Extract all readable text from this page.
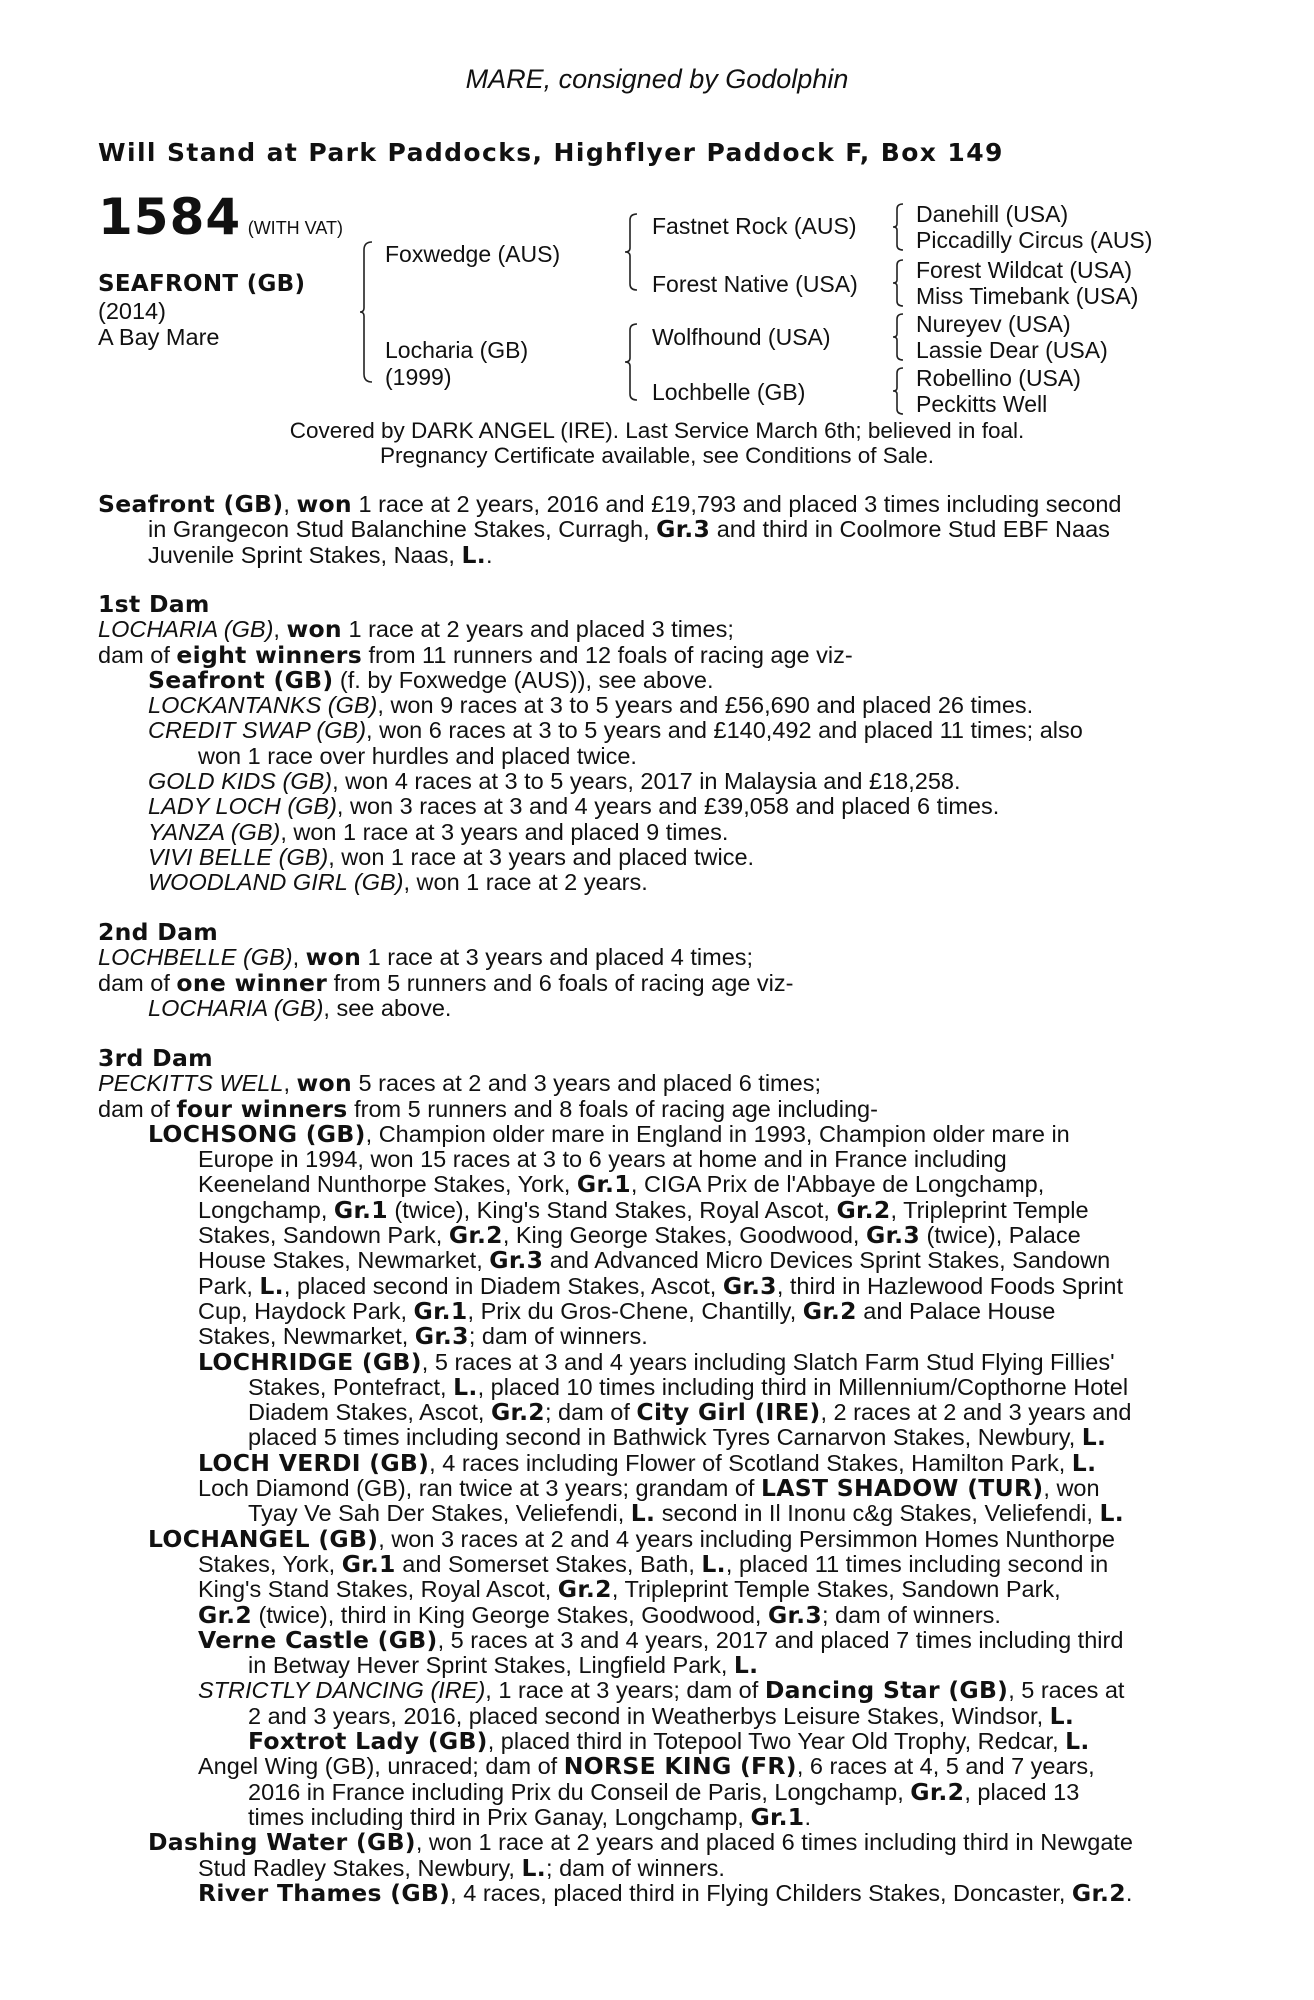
MARE, consigned by Godolphin
Will Stand at Park Paddocks, Highflyer Paddock F, Box 149
1584 (WITH VAT)
SEAFRONT (GB)
(2014)
A Bay Mare
Foxwedge (AUS)
Locharia (GB)
(1999)
Fastnet Rock (AUS)
Forest Native (USA)
Wolfhound (USA)
Lochbelle (GB)
Danehill (USA)
Piccadilly Circus (AUS)
Forest Wildcat (USA)
Miss Timebank (USA)
Nureyev (USA)
Lassie Dear (USA)
Robellino (USA)
Peckitts Well
Covered by DARK ANGEL (IRE). Last Service March 6th; believed in foal.
Pregnancy Certificate available, see Conditions of Sale.
Seafront (GB), won 1 race at 2 years, 2016 and £19,793 and placed 3 times including second
in Grangecon Stud Balanchine Stakes, Curragh, Gr.3 and third in Coolmore Stud EBF Naas
Juvenile Sprint Stakes, Naas, L..
1st Dam
LOCHARIA (GB), won 1 race at 2 years and placed 3 times;
dam of eight winners from 11 runners and 12 foals of racing age viz-
Seafront (GB) (f. by Foxwedge (AUS)), see above.
LOCKANTANKS (GB), won 9 races at 3 to 5 years and £56,690 and placed 26 times.
CREDIT SWAP (GB), won 6 races at 3 to 5 years and £140,492 and placed 11 times; also
won 1 race over hurdles and placed twice.
GOLD KIDS (GB), won 4 races at 3 to 5 years, 2017 in Malaysia and £18,258.
LADY LOCH (GB), won 3 races at 3 and 4 years and £39,058 and placed 6 times.
YANZA (GB), won 1 race at 3 years and placed 9 times.
VIVI BELLE (GB), won 1 race at 3 years and placed twice.
WOODLAND GIRL (GB), won 1 race at 2 years.
2nd Dam
LOCHBELLE (GB), won 1 race at 3 years and placed 4 times;
dam of one winner from 5 runners and 6 foals of racing age viz-
LOCHARIA (GB), see above.
3rd Dam
PECKITTS WELL, won 5 races at 2 and 3 years and placed 6 times;
dam of four winners from 5 runners and 8 foals of racing age including-
LOCHSONG (GB), Champion older mare in England in 1993, Champion older mare in
Europe in 1994, won 15 races at 3 to 6 years at home and in France including
Keeneland Nunthorpe Stakes, York, Gr.1, CIGA Prix de l'Abbaye de Longchamp,
Longchamp, Gr.1 (twice), King's Stand Stakes, Royal Ascot, Gr.2, Tripleprint Temple
Stakes, Sandown Park, Gr.2, King George Stakes, Goodwood, Gr.3 (twice), Palace
House Stakes, Newmarket, Gr.3 and Advanced Micro Devices Sprint Stakes, Sandown
Park, L., placed second in Diadem Stakes, Ascot, Gr.3, third in Hazlewood Foods Sprint
Cup, Haydock Park, Gr.1, Prix du Gros-Chene, Chantilly, Gr.2 and Palace House
Stakes, Newmarket, Gr.3; dam of winners.
LOCHRIDGE (GB), 5 races at 3 and 4 years including Slatch Farm Stud Flying Fillies'
Stakes, Pontefract, L., placed 10 times including third in Millennium/Copthorne Hotel
Diadem Stakes, Ascot, Gr.2; dam of City Girl (IRE), 2 races at 2 and 3 years and
placed 5 times including second in Bathwick Tyres Carnarvon Stakes, Newbury, L.
LOCH VERDI (GB), 4 races including Flower of Scotland Stakes, Hamilton Park, L.
Loch Diamond (GB), ran twice at 3 years; grandam of LAST SHADOW (TUR), won
Tyay Ve Sah Der Stakes, Veliefendi, L. second in Il Inonu c&g Stakes, Veliefendi, L.
LOCHANGEL (GB), won 3 races at 2 and 4 years including Persimmon Homes Nunthorpe
Stakes, York, Gr.1 and Somerset Stakes, Bath, L., placed 11 times including second in
King's Stand Stakes, Royal Ascot, Gr.2, Tripleprint Temple Stakes, Sandown Park,
Gr.2 (twice), third in King George Stakes, Goodwood, Gr.3; dam of winners.
Verne Castle (GB), 5 races at 3 and 4 years, 2017 and placed 7 times including third
in Betway Hever Sprint Stakes, Lingfield Park, L.
STRICTLY DANCING (IRE), 1 race at 3 years; dam of Dancing Star (GB), 5 races at
2 and 3 years, 2016, placed second in Weatherbys Leisure Stakes, Windsor, L.
Foxtrot Lady (GB), placed third in Totepool Two Year Old Trophy, Redcar, L.
Angel Wing (GB), unraced; dam of NORSE KING (FR), 6 races at 4, 5 and 7 years,
2016 in France including Prix du Conseil de Paris, Longchamp, Gr.2, placed 13
times including third in Prix Ganay, Longchamp, Gr.1.
Dashing Water (GB), won 1 race at 2 years and placed 6 times including third in Newgate
Stud Radley Stakes, Newbury, L.; dam of winners.
River Thames (GB), 4 races, placed third in Flying Childers Stakes, Doncaster, Gr.2.
